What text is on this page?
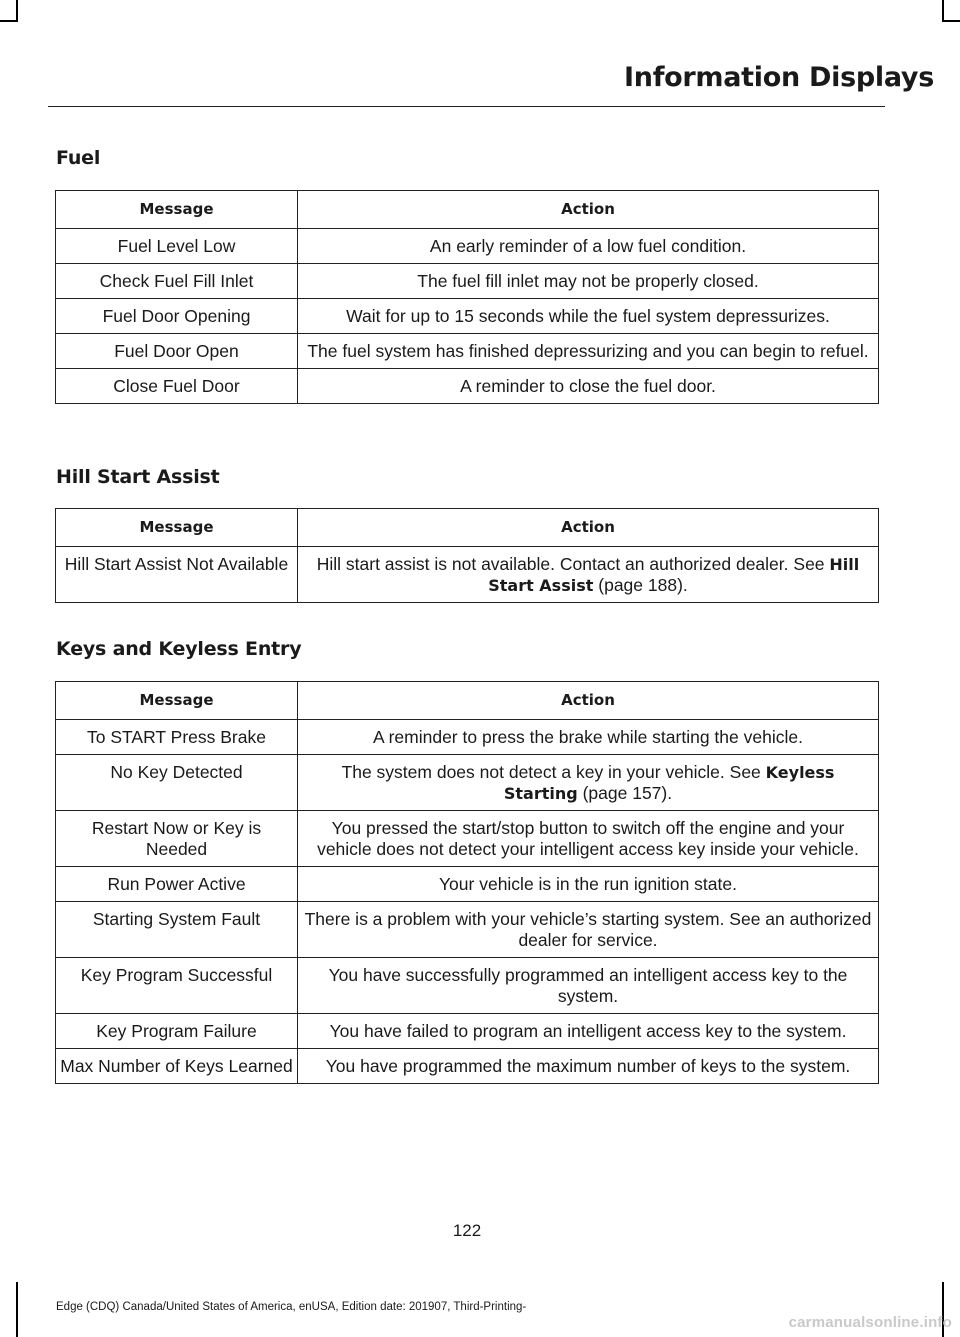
Information Displays
Fuel
Message	Action
Fuel Level Low	An early reminder of a low fuel condition.
Check Fuel Fill Inlet	The fuel fill inlet may not be properly closed.
Fuel Door Opening	Wait for up to 15 seconds while the fuel system depressurizes.
Fuel Door Open	The fuel system has finished depressurizing and you can begin to refuel.
Close Fuel Door	A reminder to close the fuel door.
Hill Start Assist
Message	Action
Hill Start Assist Not Available	Hill start assist is not available. Contact an authorized dealer. See Hill Start Assist (page 188).
Keys and Keyless Entry
Message	Action
To START Press Brake	A reminder to press the brake while starting the vehicle.
No Key Detected	The system does not detect a key in your vehicle. See Keyless Starting (page 157).
Restart Now or Key is Needed	You pressed the start/stop button to switch off the engine and your vehicle does not detect your intelligent access key inside your vehicle.
Run Power Active	Your vehicle is in the run ignition state.
Starting System Fault	There is a problem with your vehicle’s starting system. See an authorized dealer for service.
Key Program Successful	You have successfully programmed an intelligent access key to the system.
Key Program Failure	You have failed to program an intelligent access key to the system.
Max Number of Keys Learned	You have programmed the maximum number of keys to the system.
122
Edge (CDQ) Canada/United States of America, enUSA, Edition date: 201907, Third-Printing-
carmanualsonline.info
